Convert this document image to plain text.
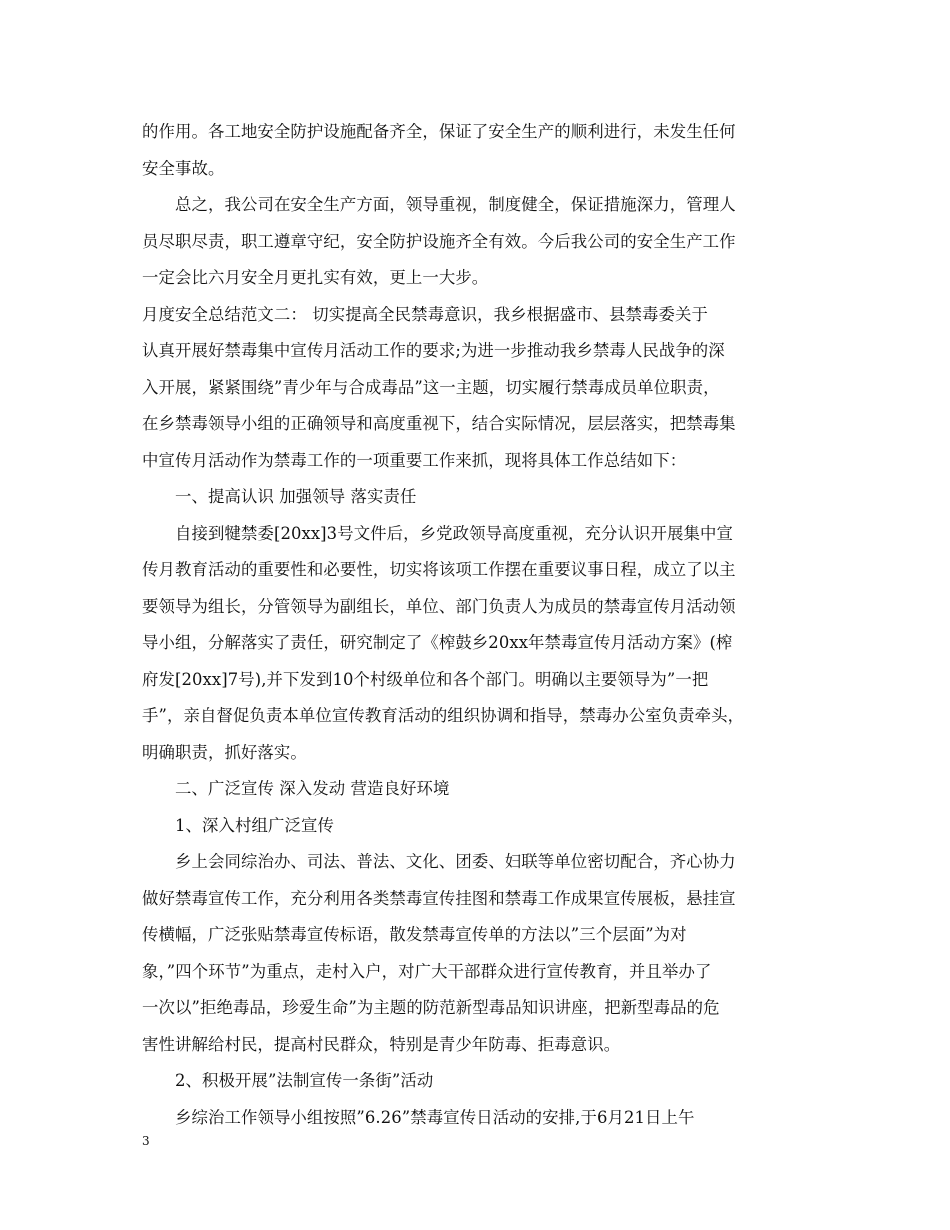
的作用。各工地安全防护设施配备齐全，保证了安全生产的顺利进行，未发生任何
安全事故。
总之，我公司在安全生产方面，领导重视，制度健全，保证措施深力，管理人
员尽职尽责，职工遵章守纪，安全防护设施齐全有效。今后我公司的安全生产工作
一定会比六月安全月更扎实有效，更上一大步。
月度安全总结范文二： 切实提高全民禁毒意识，我乡根据盛市、县禁毒委关于
认真开展好禁毒集中宣传月活动工作的要求;为进一步推动我乡禁毒人民战争的深
入开展，紧紧围绕”青少年与合成毒品”这一主题，切实履行禁毒成员单位职责，
在乡禁毒领导小组的正确领导和高度重视下，结合实际情况，层层落实，把禁毒集
中宣传月活动作为禁毒工作的一项重要工作来抓，现将具体工作总结如下：
一、提高认识 加强领导 落实责任
自接到犍禁委[20xx]3号文件后，乡党政领导高度重视，充分认识开展集中宣
传月教育活动的重要性和必要性，切实将该项工作摆在重要议事日程，成立了以主
要领导为组长，分管领导为副组长，单位、部门负责人为成员的禁毒宣传月活动领
导小组，分解落实了责任，研究制定了《榨鼓乡20xx年禁毒宣传月活动方案》(榨
府发[20xx]7号),并下发到10个村级单位和各个部门。明确以主要领导为”一把
手”，亲自督促负责本单位宣传教育活动的组织协调和指导，禁毒办公室负责牵头，
明确职责，抓好落实。
二、广泛宣传 深入发动 营造良好环境
1、深入村组广泛宣传
乡上会同综治办、司法、普法、文化、团委、妇联等单位密切配合，齐心协力
做好禁毒宣传工作，充分利用各类禁毒宣传挂图和禁毒工作成果宣传展板，悬挂宣
传横幅，广泛张贴禁毒宣传标语，散发禁毒宣传单的方法以”三个层面”为对
象，”四个环节”为重点，走村入户，对广大干部群众进行宣传教育，并且举办了
一次以”拒绝毒品，珍爱生命”为主题的防范新型毒品知识讲座，把新型毒品的危
害性讲解给村民，提高村民群众，特别是青少年防毒、拒毒意识。
2、积极开展”法制宣传一条街”活动
乡综治工作领导小组按照”6.26”禁毒宣传日活动的安排,于6月21日上午
3
